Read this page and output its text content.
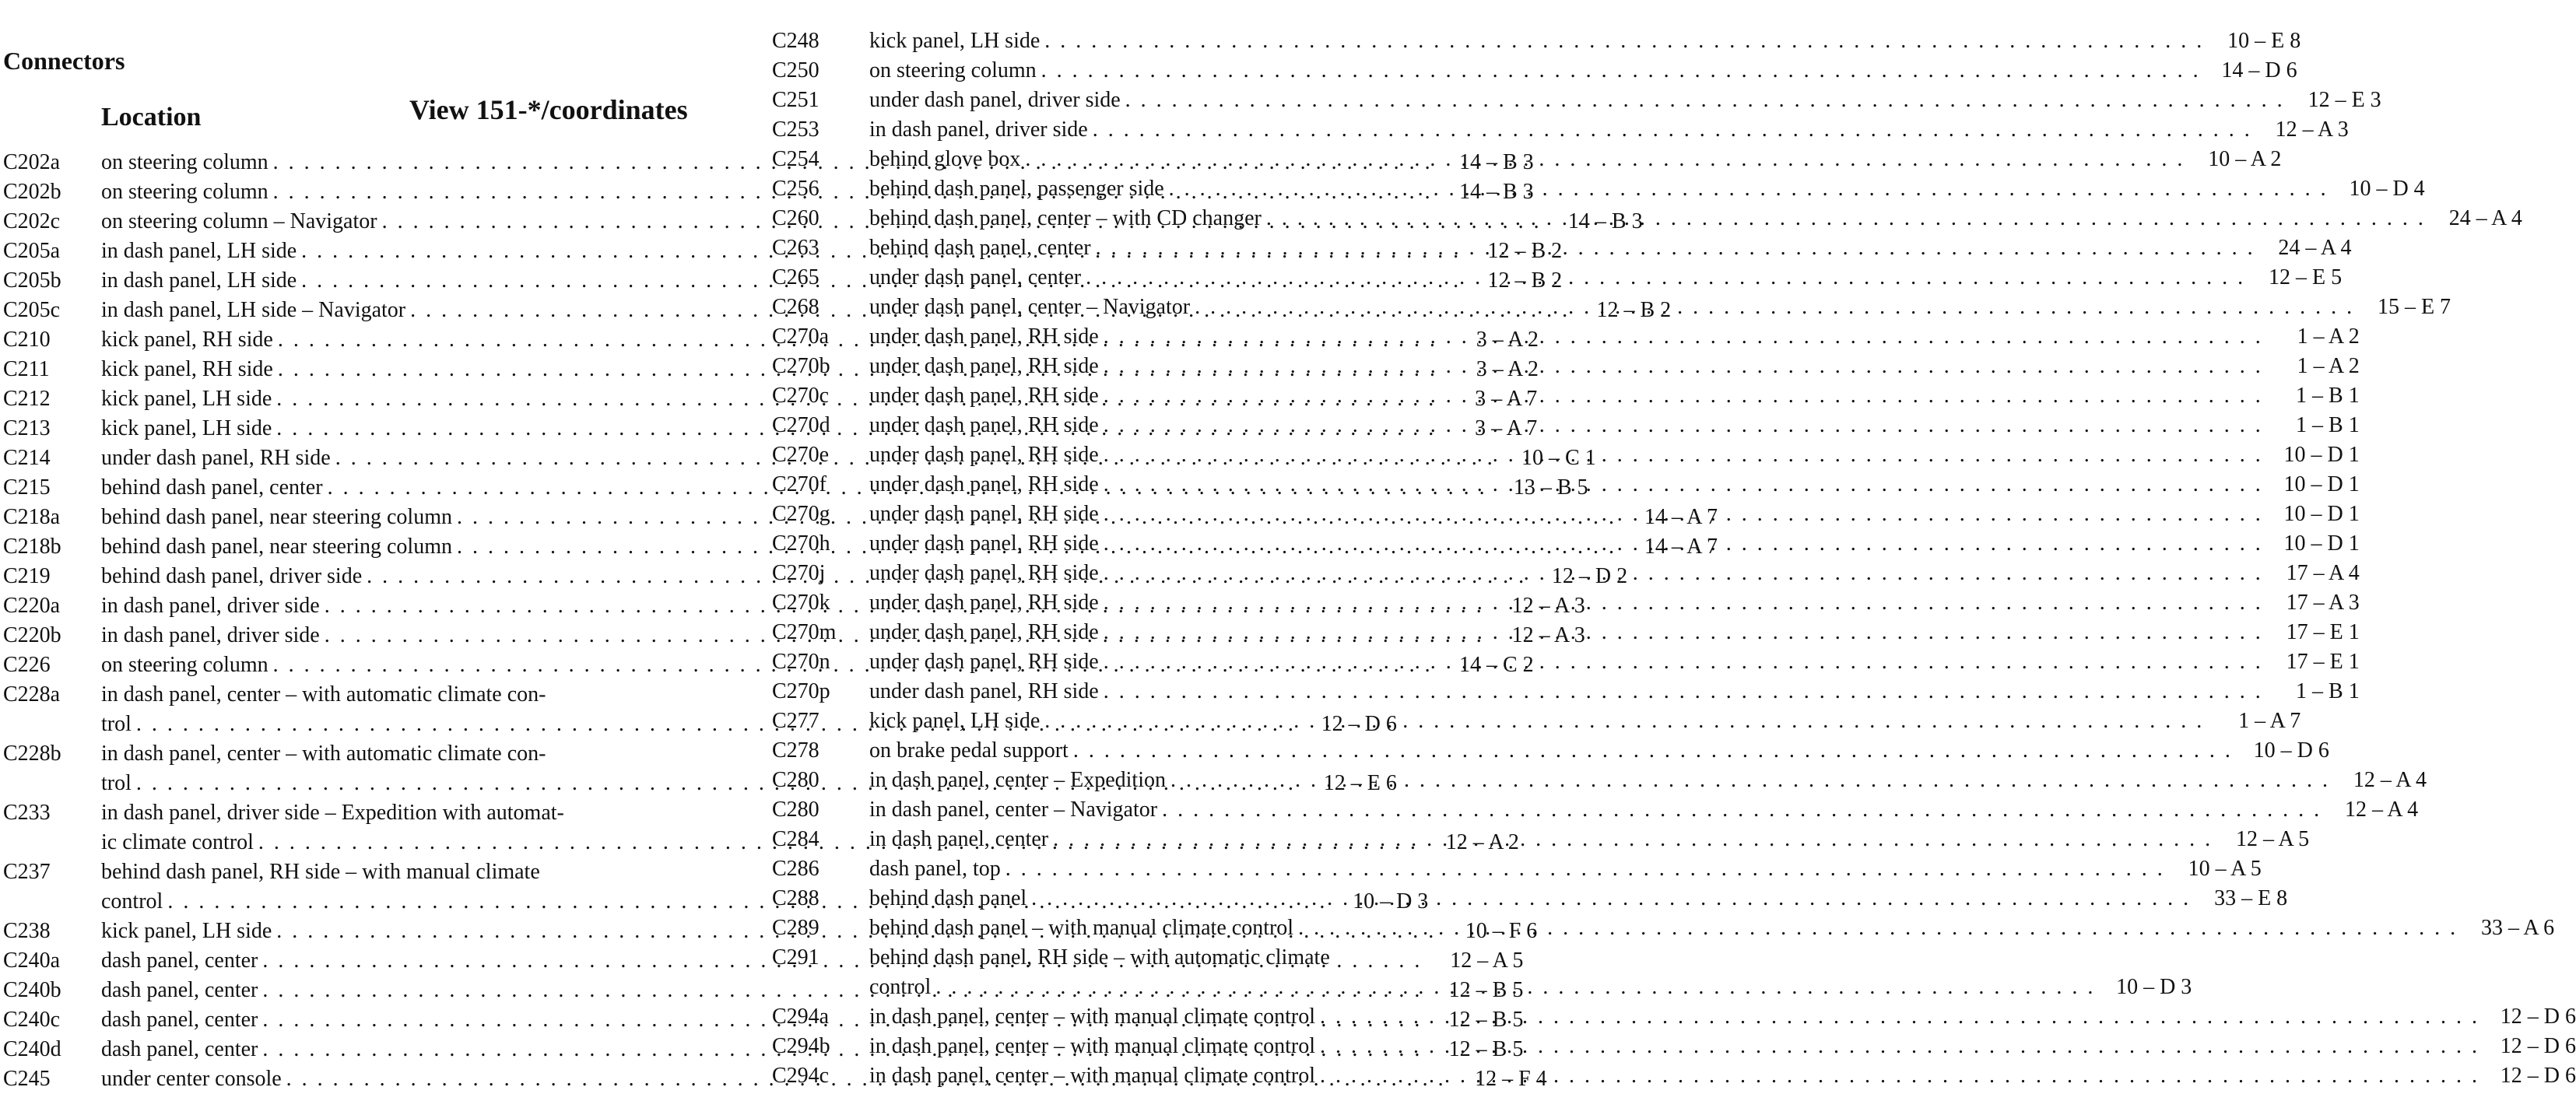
Connectors
Location	View 151-*/coordinates
C202a	on steering column . . .	14 – B 3
C202b	on steering column . . .	14 – B 3
C202c	on steering column – Navigator . . .	14 – B 3
C205a	in dash panel, LH side . . .	12 – B 2
C205b	in dash panel, LH side . . .	12 – B 2
C205c	in dash panel, LH side – Navigator . . .	12 – B 2
C210	kick panel, RH side . . .	3 – A 2
C211	kick panel, RH side . . .	3 – A 2
C212	kick panel, LH side . . .	3 – A 7
C213	kick panel, LH side . . .	3 – A 7
C214	under dash panel, RH side . . .	10 – C 1
C215	behind dash panel, center . . .	13 – B 5
C218a	behind dash panel, near steering column . . .	14 – A 7
C218b	behind dash panel, near steering column . . .	14 – A 7
C219	behind dash panel, driver side . . .	12 – D 2
C220a	in dash panel, driver side . . .	12 – A 3
C220b	in dash panel, driver side . . .	12 – A 3
C226	on steering column . . .	14 – C 2
C228a	in dash panel, center – with automatic climate con-
trol . . .	12 – D 6
C228b	in dash panel, center – with automatic climate con-
trol . . .	12 – E 6
C233	in dash panel, driver side – Expedition with automat-
ic climate control . . .	12 – A 2
C237	behind dash panel, RH side – with manual climate
control . . .	10 – D 3
C238	kick panel, LH side . . .	10 – F 6
C240a	dash panel, center . . .	12 – A 5
C240b	dash panel, center . . .	12 – B 5
C240c	dash panel, center . . .	12 – B 5
C240d	dash panel, center . . .	12 – B 5
C245	under center console . . .	12 – F 4
C248	kick panel, LH side . . .	10 – E 8
C250	on steering column . . .	14 – D 6
C251	under dash panel, driver side . . .	12 – E 3
C253	in dash panel, driver side . . .	12 – A 3
C254	behind glove box . . .	10 – A 2
C256	behind dash panel, passenger side . . .	10 – D 4
C260	behind dash panel, center – with CD changer . . .	24 – A 4
C263	behind dash panel, center . . .	24 – A 4
C265	under dash panel, center . . .	12 – E 5
C268	under dash panel, center – Navigator . . .	15 – E 7
C270a	under dash panel, RH side . . .	1 – A 2
C270b	under dash panel, RH side . . .	1 – A 2
C270c	under dash panel, RH side . . .	1 – B 1
C270d	under dash panel, RH side . . .	1 – B 1
C270e	under dash panel, RH side . . .	10 – D 1
C270f	under dash panel, RH side . . .	10 – D 1
C270g	under dash panel, RH side . . .	10 – D 1
C270h	under dash panel, RH side . . .	10 – D 1
C270j	under dash panel, RH side . . .	17 – A 4
C270k	under dash panel, RH side . . .	17 – A 3
C270m	under dash panel, RH side . . .	17 – E 1
C270n	under dash panel, RH side . . .	17 – E 1
C270p	under dash panel, RH side . . .	1 – B 1
C277	kick panel, LH side . . .	1 – A 7
C278	on brake pedal support . . .	10 – D 6
C280	in dash panel, center – Expedition . . .	12 – A 4
C280	in dash panel, center – Navigator . . .	12 – A 4
C284	in dash panel, center . . .	12 – A 5
C286	dash panel, top . . .	10 – A 5
C288	behind dash panel . . .	33 – E 8
C289	behind dash panel – with manual climate control . . .	33 – A 6
C291	behind dash panel, RH side – with automatic climate
control . . .	10 – D 3
C294a	in dash panel, center – with manual climate control . . .	12 – D 6
C294b	in dash panel, center – with manual climate control . . .	12 – D 6
C294c	in dash panel, center – with manual climate control . . .	12 – D 6
